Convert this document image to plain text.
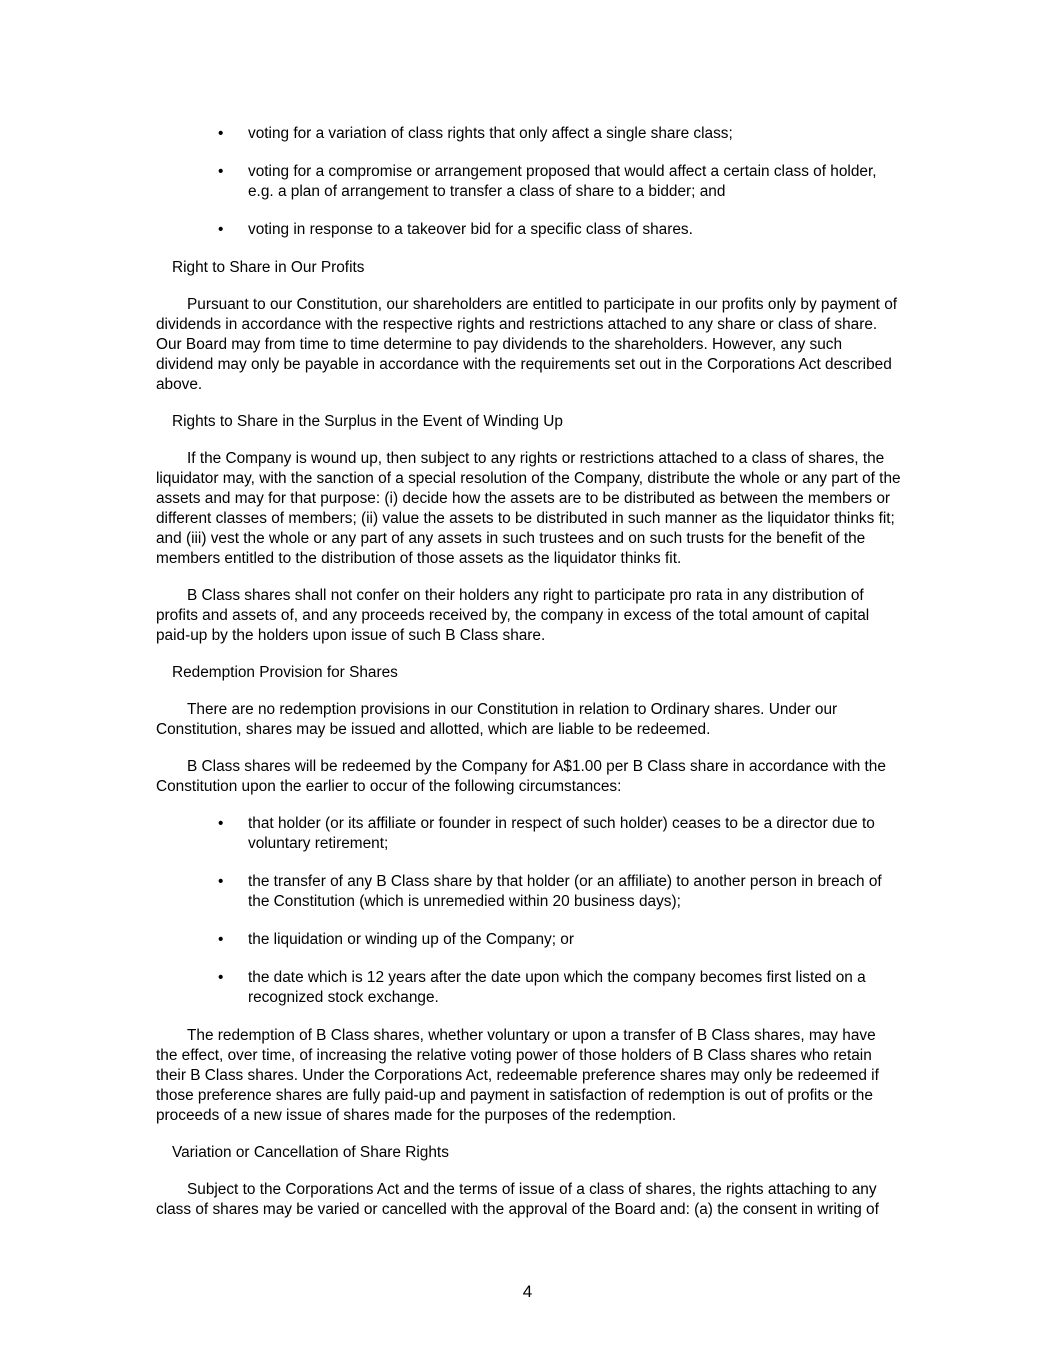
• voting for a variation of class rights that only affect a single share class;
• voting for a compromise or arrangement proposed that would affect a certain class of holder, e.g. a plan of arrangement to transfer a class of share to a bidder; and
• voting in response to a takeover bid for a specific class of shares.
Right to Share in Our Profits

Pursuant to our Constitution, our shareholders are entitled to participate in our profits only by payment of dividends in accordance with the respective rights and restrictions attached to any share or class of share. Our Board may from time to time determine to pay dividends to the shareholders. However, any such dividend may only be payable in accordance with the requirements set out in the Corporations Act described above.

Rights to Share in the Surplus in the Event of Winding Up

If the Company is wound up, then subject to any rights or restrictions attached to a class of shares, the liquidator may, with the sanction of a special resolution of the Company, distribute the whole or any part of the assets and may for that purpose: (i) decide how the assets are to be distributed as between the members or different classes of members; (ii) value the assets to be distributed in such manner as the liquidator thinks fit; and (iii) vest the whole or any part of any assets in such trustees and on such trusts for the benefit of the members entitled to the distribution of those assets as the liquidator thinks fit.

B Class shares shall not confer on their holders any right to participate pro rata in any distribution of profits and assets of, and any proceeds received by, the company in excess of the total amount of capital paid-up by the holders upon issue of such B Class share.

Redemption Provision for Shares

There are no redemption provisions in our Constitution in relation to Ordinary shares. Under our Constitution, shares may be issued and allotted, which are liable to be redeemed.

B Class shares will be redeemed by the Company for A$1.00 per B Class share in accordance with the Constitution upon the earlier to occur of the following circumstances:

• that holder (or its affiliate or founder in respect of such holder) ceases to be a director due to voluntary retirement;
• the transfer of any B Class share by that holder (or an affiliate) to another person in breach of the Constitution (which is unremedied within 20 business days);
• the liquidation or winding up of the Company; or
• the date which is 12 years after the date upon which the company becomes first listed on a recognized stock exchange.

The redemption of B Class shares, whether voluntary or upon a transfer of B Class shares, may have the effect, over time, of increasing the relative voting power of those holders of B Class shares who retain their B Class shares. Under the Corporations Act, redeemable preference shares may only be redeemed if those preference shares are fully paid-up and payment in satisfaction of redemption is out of profits or the proceeds of a new issue of shares made for the purposes of the redemption.

Variation or Cancellation of Share Rights

Subject to the Corporations Act and the terms of issue of a class of shares, the rights attaching to any class of shares may be varied or cancelled with the approval of the Board and: (a) the consent in writing of

4
